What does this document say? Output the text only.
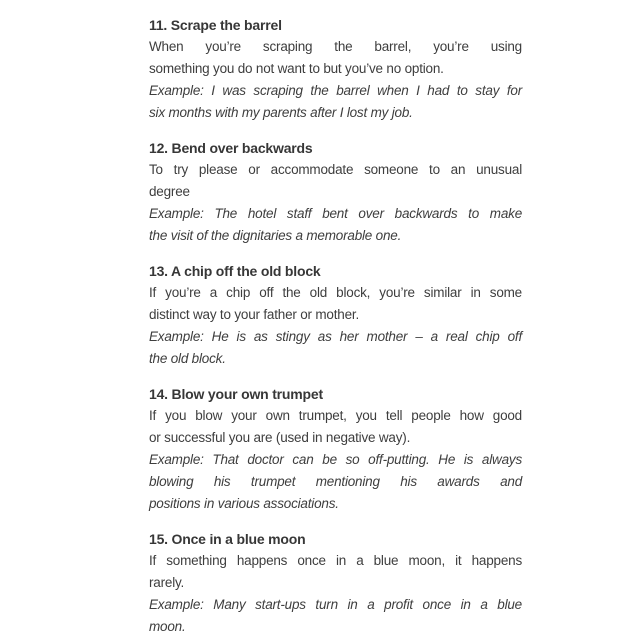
11. Scrape the barrel
When you’re scraping the barrel, you’re using
something you do not want to but you’ve no option.
Example: I was scraping the barrel when I had to stay for
six months with my parents after I lost my job.
12. Bend over backwards
To try please or accommodate someone to an unusual
degree
Example: The hotel staff bent over backwards to make
the visit of the dignitaries a memorable one.
13. A chip off the old block
If you’re a chip off the old block, you’re similar in some
distinct way to your father or mother.
Example: He is as stingy as her mother – a real chip off
the old block.
14. Blow your own trumpet
If you blow your own trumpet, you tell people how good
or successful you are (used in negative way).
Example: That doctor can be so off-putting. He is always
blowing his trumpet mentioning his awards and
positions in various associations.
15. Once in a blue moon
If something happens once in a blue moon, it happens
rarely.
Example: Many start-ups turn in a profit once in a blue
moon.
